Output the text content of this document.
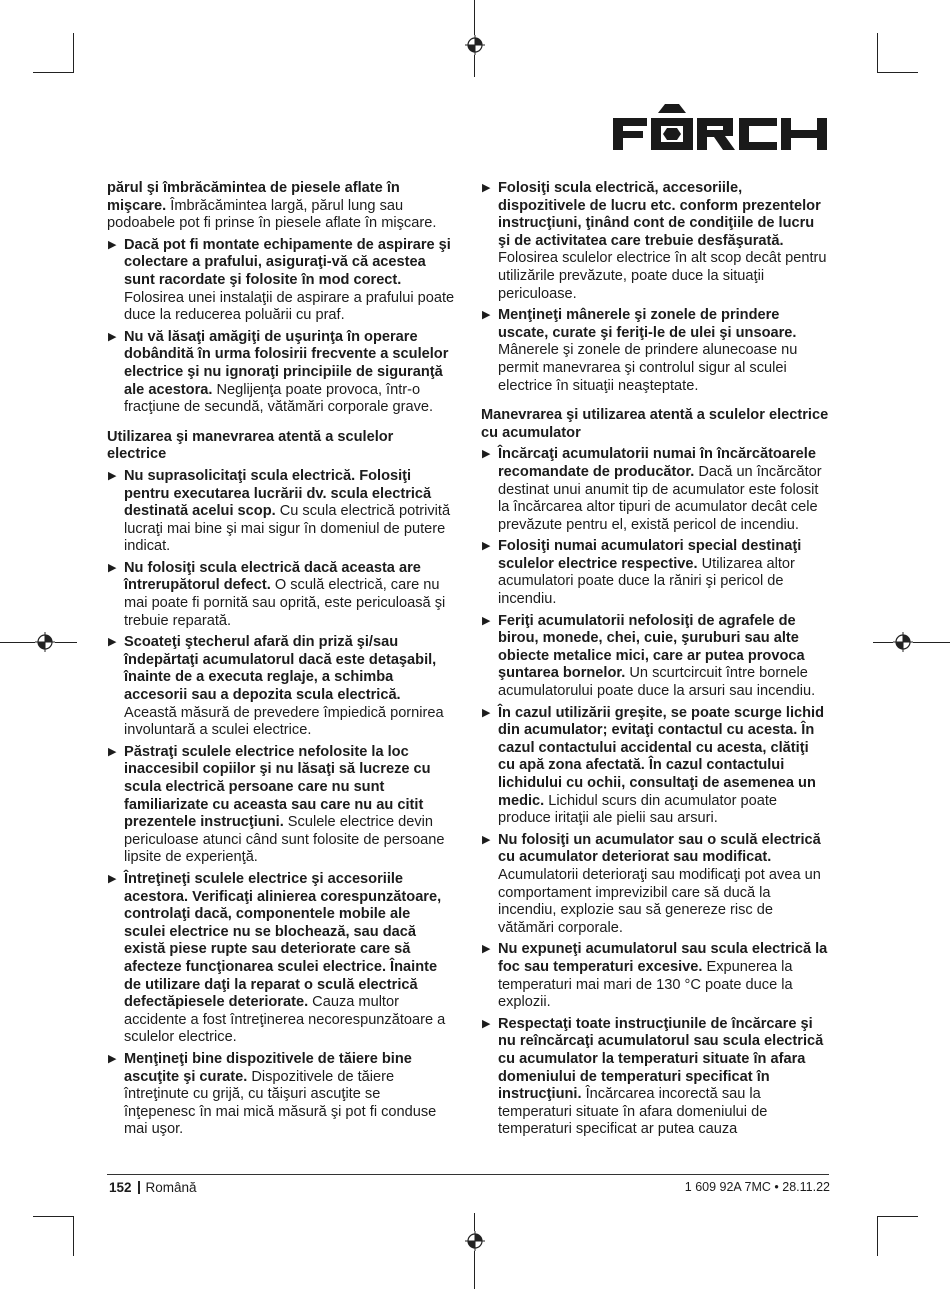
părul şi îmbrăcămintea de piesele aflate în mişcare. Îmbrăcămintea largă, părul lung sau podoabele pot fi prinse în piesele aflate în mişcare.
▶ Dacă pot fi montate echipamente de aspirare şi colectare a prafului, asiguraţi-vă că acestea sunt racordate şi folosite în mod corect. Folosirea unei instalaţii de aspirare a prafului poate duce la reducerea poluării cu praf.
▶ Nu vă lăsaţi amăgiţi de uşurinţa în operare dobândită în urma folosirii frecvente a sculelor electrice şi nu ignoraţi principiile de siguranţă ale acestora. Neglijenţa poate provoca, într-o fracţiune de secundă, vătămări corporale grave.
Utilizarea şi manevrarea atentă a sculelor electrice
▶ Nu suprasolicitaţi scula electrică. Folosiţi pentru executarea lucrării dv. scula electrică destinată acelui scop. Cu scula electrică potrivită lucraţi mai bine şi mai sigur în domeniul de putere indicat.
▶ Nu folosiţi scula electrică dacă aceasta are întrerupătorul defect. O sculă electrică, care nu mai poate fi pornită sau oprită, este periculoasă şi trebuie reparată.
▶ Scoateţi ştecherul afară din priză şi/sau îndepărtaţi acumulatorul dacă este detaşabil, înainte de a executa reglaje, a schimba accesorii sau a depozita scula electrică. Această măsură de prevedere împiedică pornirea involuntară a sculei electrice.
▶ Păstraţi sculele electrice nefolosite la loc inaccesibil copiilor şi nu lăsaţi să lucreze cu scula electrică persoane care nu sunt familiarizate cu aceasta sau care nu au citit prezentele instrucţiuni. Sculele electrice devin periculoase atunci când sunt folosite de persoane lipsite de experienţă.
▶ Întreţineţi sculele electrice şi accesoriile acestora. Verificaţi alinierea corespunzătoare, controlaţi dacă, componentele mobile ale sculei electrice nu se blochează, sau dacă există piese rupte sau deteriorate care să afecteze funcţionarea sculei electrice. Înainte de utilizare daţi la reparat o sculă electrică defectăpiesele deteriorate. Cauza multor accidente a fost întreţinerea necorespunzătoare a sculelor electrice.
▶ Menţineţi bine dispozitivele de tăiere bine ascuţite şi curate. Dispozitivele de tăiere întreţinute cu grijă, cu tăişuri ascuţite se înţepenesc în mai mică măsură şi pot fi conduse mai uşor.
▶ Folosiţi scula electrică, accesoriile, dispozitivele de lucru etc. conform prezentelor instrucţiuni, ţinând cont de condiţiile de lucru şi de activitatea care trebuie desfăşurată. Folosirea sculelor electrice în alt scop decât pentru utilizările prevăzute, poate duce la situaţii periculoase.
▶ Menţineţi mânerele şi zonele de prindere uscate, curate şi feriţi-le de ulei şi unsoare. Mânerele şi zonele de prindere alunecoase nu permit manevrarea şi controlul sigur al sculei electrice în situaţii neaşteptate.
Manevrarea şi utilizarea atentă a sculelor electrice cu acumulator
▶ Încărcaţi acumulatorii numai în încărcătoarele recomandate de producător. Dacă un încărcător destinat unui anumit tip de acumulator este folosit la încărcarea altor tipuri de acumulator decât cele prevăzute pentru el, există pericol de incendiu.
▶ Folosiţi numai acumulatori special destinaţi sculelor electrice respective. Utilizarea altor acumulatori poate duce la răniri şi pericol de incendiu.
▶ Feriţi acumulatorii nefolosiţi de agrafele de birou, monede, chei, cuie, şuruburi sau alte obiecte metalice mici, care ar putea provoca şuntarea bornelor. Un scurtcircuit între bornele acumulatorului poate duce la arsuri sau incendiu.
▶ În cazul utilizării greşite, se poate scurge lichid din acumulator; evitaţi contactul cu acesta. În cazul contactului accidental cu acesta, clătiţi cu apă zona afectată. În cazul contactului lichidului cu ochii, consultaţi de asemenea un medic. Lichidul scurs din acumulator poate produce iritaţii ale pielii sau arsuri.
▶ Nu folosiţi un acumulator sau o sculă electrică cu acumulator deteriorat sau modificat. Acumulatorii deterioraţi sau modificaţi pot avea un comportament imprevizibil care să ducă la incendiu, explozie sau să genereze risc de vătămări corporale.
▶ Nu expuneţi acumulatorul sau scula electrică la foc sau temperaturi excesive. Expunerea la temperaturi mai mari de 130 °C poate duce la explozii.
▶ Respectaţi toate instrucţiunile de încărcare şi nu reîncărcaţi acumulatorul sau scula electrică cu acumulator la temperaturi situate în afara domeniului de temperaturi specificat în instrucţiuni. Încărcarea incorectă sau la temperaturi situate în afara domeniului de temperaturi specificat ar putea cauza
152 Română	1 609 92A 7MC • 28.11.22
